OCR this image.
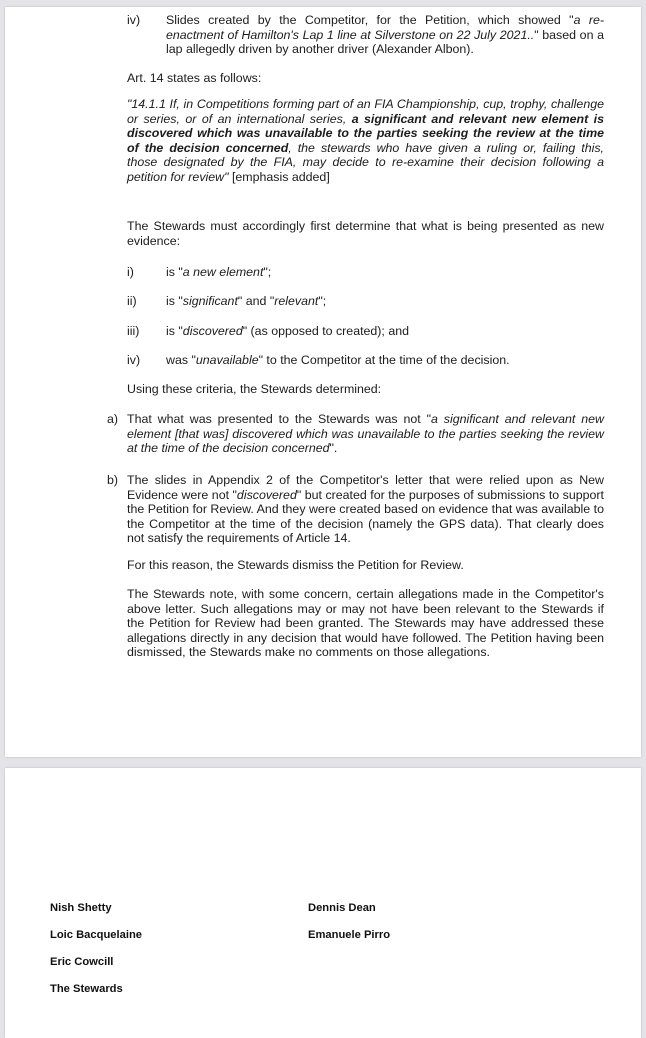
iv) Slides created by the Competitor, for the Petition, which showed "a re-enactment of Hamilton's Lap 1 line at Silverstone on 22 July 2021.." based on a lap allegedly driven by another driver (Alexander Albon).
Art. 14 states as follows:
"14.1.1 If, in Competitions forming part of an FIA Championship, cup, trophy, challenge or series, or of an international series, a significant and relevant new element is discovered which was unavailable to the parties seeking the review at the time of the decision concerned, the stewards who have given a ruling or, failing this, those designated by the FIA, may decide to re-examine their decision following a petition for review" [emphasis added]
The Stewards must accordingly first determine that what is being presented as new evidence:
i)	is "a new element";
ii) is "significant" and "relevant";
iii) is "discovered" (as opposed to created); and
iv) was "unavailable" to the Competitor at the time of the decision.
Using these criteria, the Stewards determined:
a) That what was presented to the Stewards was not "a significant and relevant new element [that was] discovered which was unavailable to the parties seeking the review at the time of the decision concerned".
b) The slides in Appendix 2 of the Competitor's letter that were relied upon as New Evidence were not "discovered" but created for the purposes of submissions to support the Petition for Review. And they were created based on evidence that was available to the Competitor at the time of the decision (namely the GPS data). That clearly does not satisfy the requirements of Article 14.
For this reason, the Stewards dismiss the Petition for Review.
The Stewards note, with some concern, certain allegations made in the Competitor's above letter. Such allegations may or may not have been relevant to the Stewards if the Petition for Review had been granted. The Stewards may have addressed these allegations directly in any decision that would have followed. The Petition having been dismissed, the Stewards make no comments on those allegations.
Nish Shetty
Loic Bacquelaine
Eric Cowcill
The Stewards
Dennis Dean
Emanuele Pirro
